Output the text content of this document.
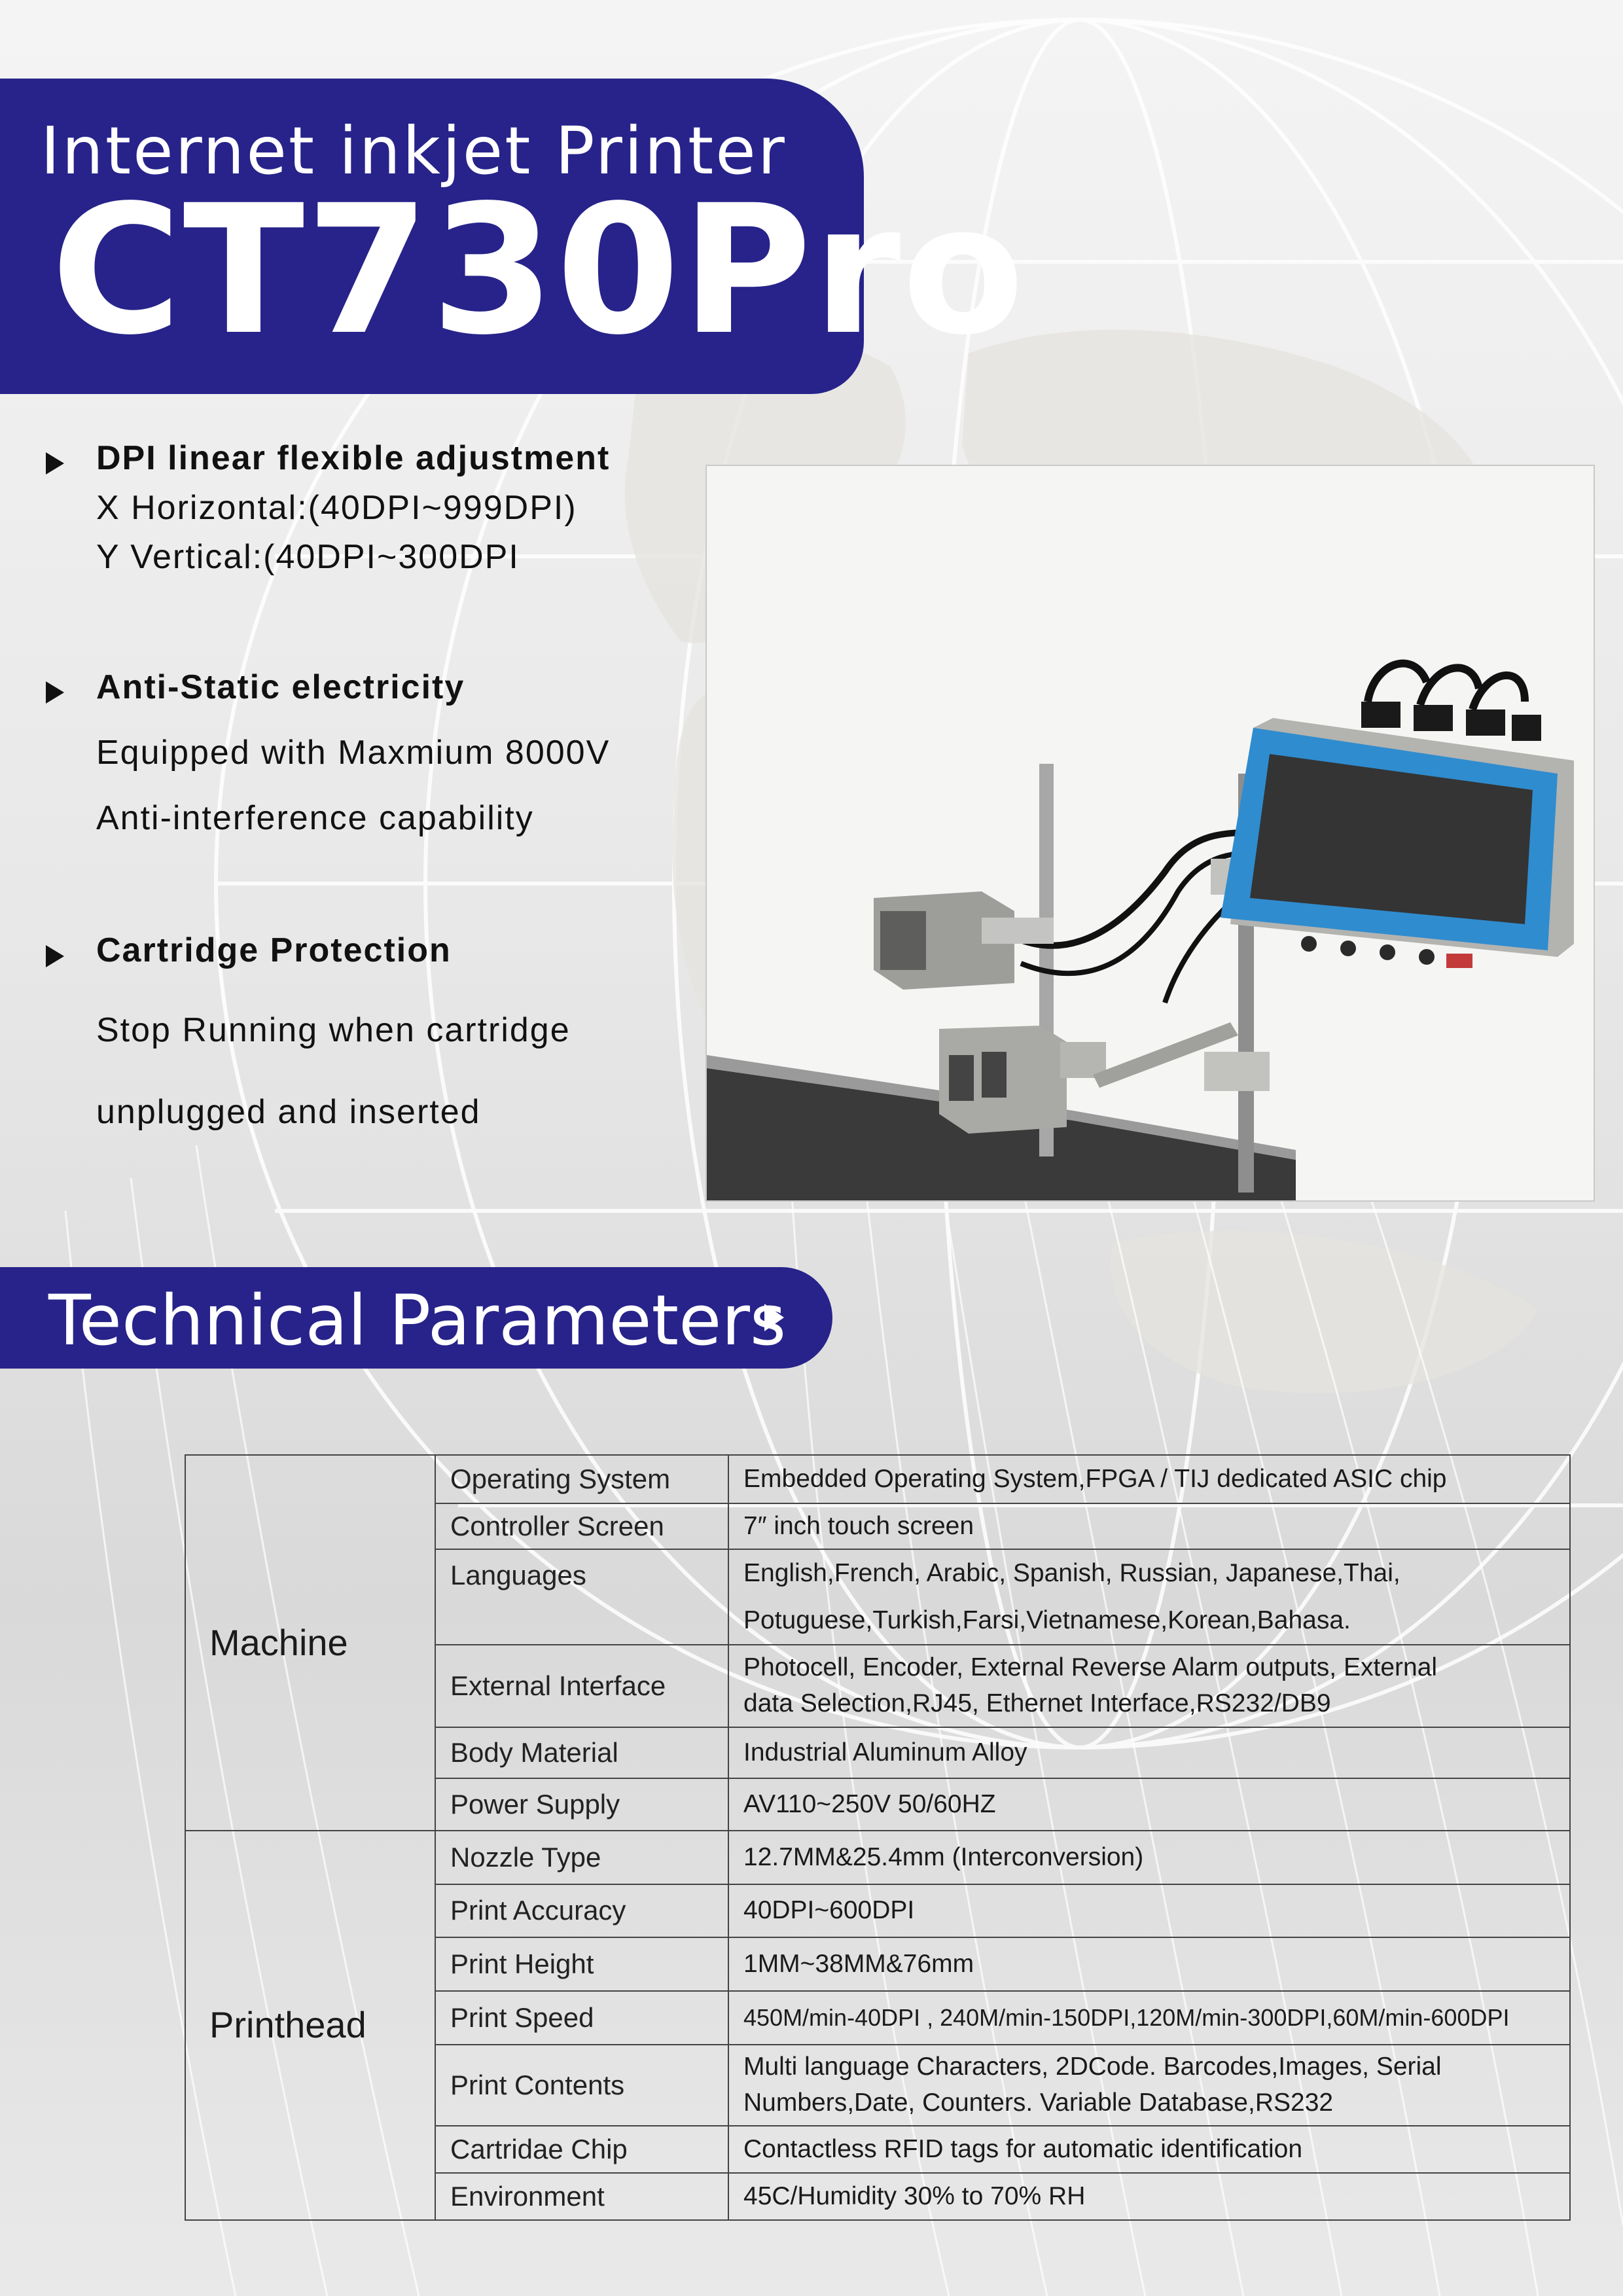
Internet inkjet Printer
CT730Pro
DPI linear flexible adjustment
X Horizontal:(40DPI~999DPI)
Y Vertical:(40DPI~300DPI
Anti-Static electricity
Equipped with Maxmium 8000V
Anti-interference capability
Cartridge Protection
Stop Running when cartridge
unplugged and inserted
Technical Parameters
Machine	Operating System	Embedded Operating System,FPGA / TIJ dedicated ASIC chip
	Controller Screen	7″ inch touch screen
	Languages	English,French, Arabic, Spanish, Russian, Japanese,Thai,
Potuguese,Turkish,Farsi,Vietnamese,Korean,Bahasa.

	External Interface	Photocell, Encoder, External Reverse Alarm outputs, External
data Selection,RJ45, Ethernet Interface,RS232/DB9

	Body Material	Industrial Aluminum Alloy
	Power Supply	AV110~250V 50/60HZ
Printhead	Nozzle Type	12.7MM&25.4mm (Interconversion)
	Print Accuracy	40DPI~600DPI
	Print Height	1MM~38MM&76mm
	Print Speed	450M/min-40DPI , 240M/min-150DPI,120M/min-300DPI,60M/min-600DPI
	Print Contents	Multi language Characters, 2DCode. Barcodes,Images, Serial
Numbers,Date, Counters. Variable Database,RS232

	Cartridae Chip	Contactless RFID tags for automatic identification
	Environment	45C/Humidity 30% to 70% RH
